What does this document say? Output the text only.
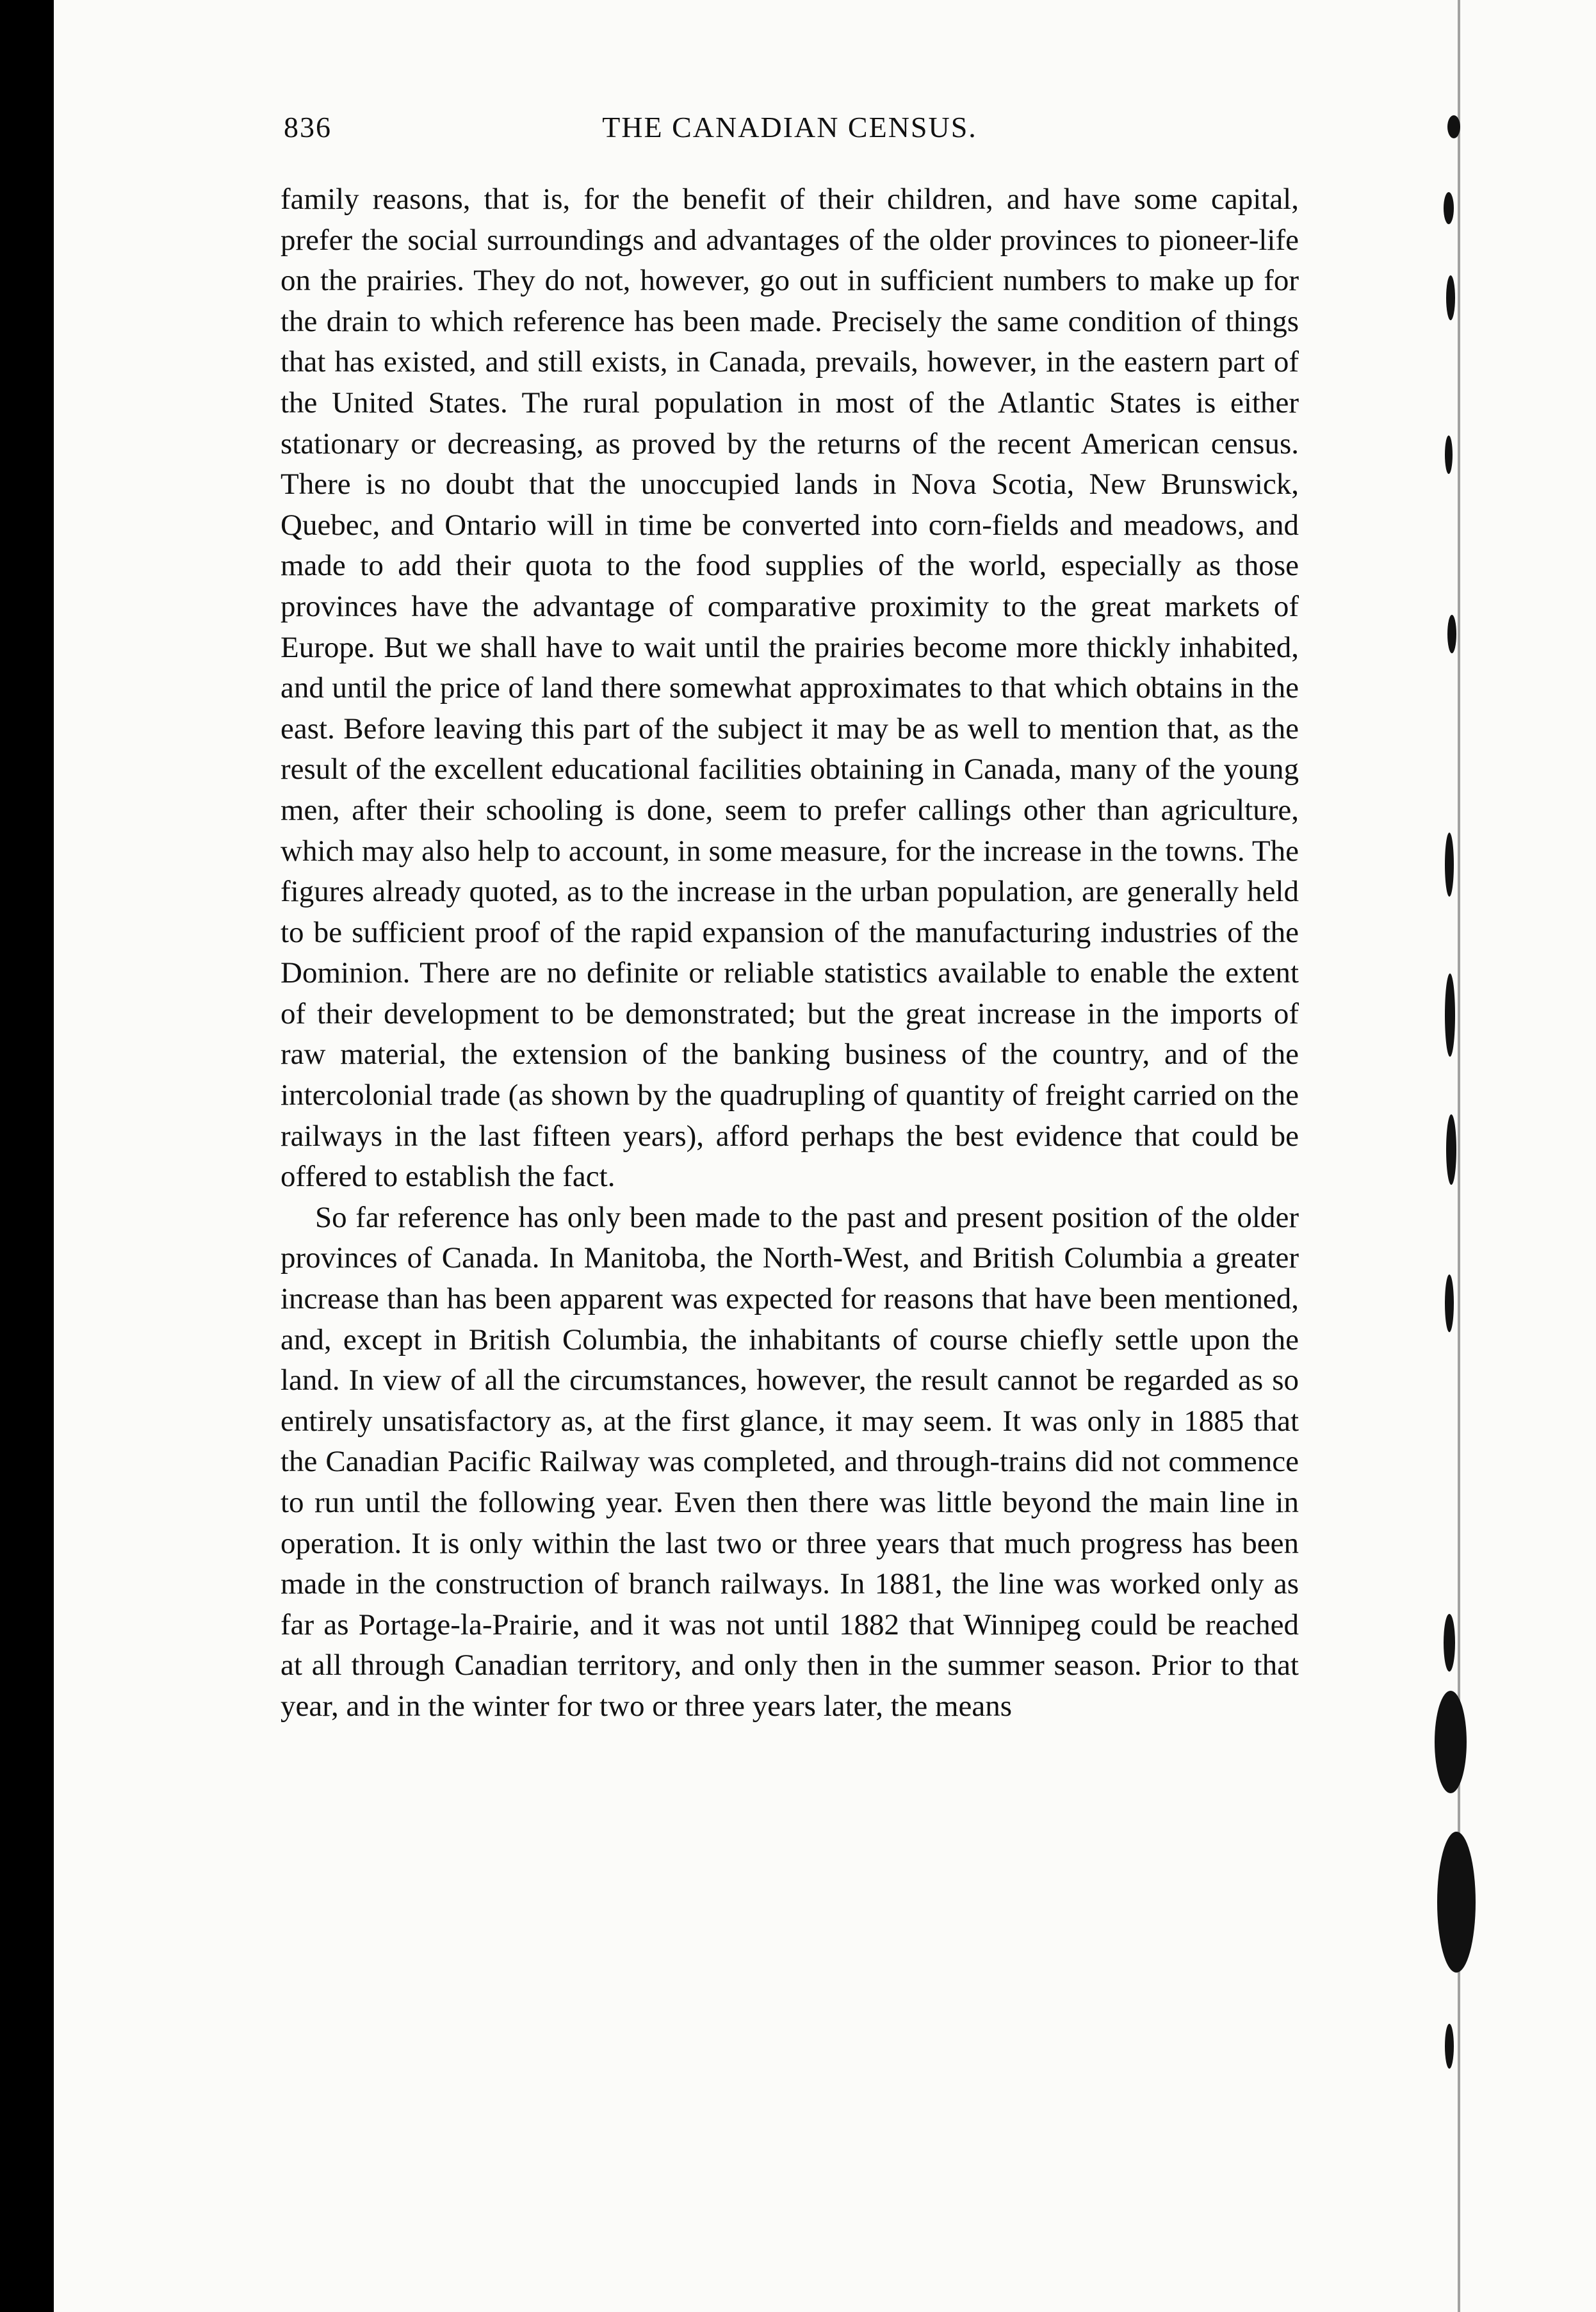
836	THE CANADIAN CENSUS.

family reasons, that is, for the benefit of their children, and have some capital, prefer the social surroundings and advantages of the older provinces to pioneer-life on the prairies. They do not, however, go out in sufficient numbers to make up for the drain to which reference has been made. Precisely the same condition of things that has existed, and still exists, in Canada, prevails, however, in the eastern part of the United States. The rural population in most of the Atlantic States is either stationary or decreasing, as proved by the returns of the recent American census. There is no doubt that the unoccupied lands in Nova Scotia, New Brunswick, Quebec, and Ontario will in time be converted into corn-fields and meadows, and made to add their quota to the food supplies of the world, especially as those provinces have the advantage of comparative proximity to the great markets of Europe. But we shall have to wait until the prairies become more thickly inhabited, and until the price of land there somewhat approximates to that which obtains in the east. Before leaving this part of the subject it may be as well to mention that, as the result of the excellent educational facilities obtaining in Canada, many of the young men, after their schooling is done, seem to prefer callings other than agriculture, which may also help to account, in some measure, for the increase in the towns. The figures already quoted, as to the increase in the urban population, are generally held to be sufficient proof of the rapid expansion of the manufacturing industries of the Dominion. There are no definite or reliable statistics available to enable the extent of their development to be demonstrated; but the great increase in the imports of raw material, the extension of the banking business of the country, and of the intercolonial trade (as shown by the quadrupling of quantity of freight carried on the railways in the last fifteen years), afford perhaps the best evidence that could be offered to establish the fact.

So far reference has only been made to the past and present position of the older provinces of Canada. In Manitoba, the North-West, and British Columbia a greater increase than has been apparent was expected for reasons that have been mentioned, and, except in British Columbia, the inhabitants of course chiefly settle upon the land. In view of all the circumstances, however, the result cannot be regarded as so entirely unsatisfactory as, at the first glance, it may seem. It was only in 1885 that the Canadian Pacific Railway was completed, and through-trains did not commence to run until the following year. Even then there was little beyond the main line in operation. It is only within the last two or three years that much progress has been made in the construction of branch railways. In 1881, the line was worked only as far as Portage-la-Prairie, and it was not until 1882 that Winnipeg could be reached at all through Canadian territory, and only then in the summer season. Prior to that year, and in the winter for two or three years later, the means
